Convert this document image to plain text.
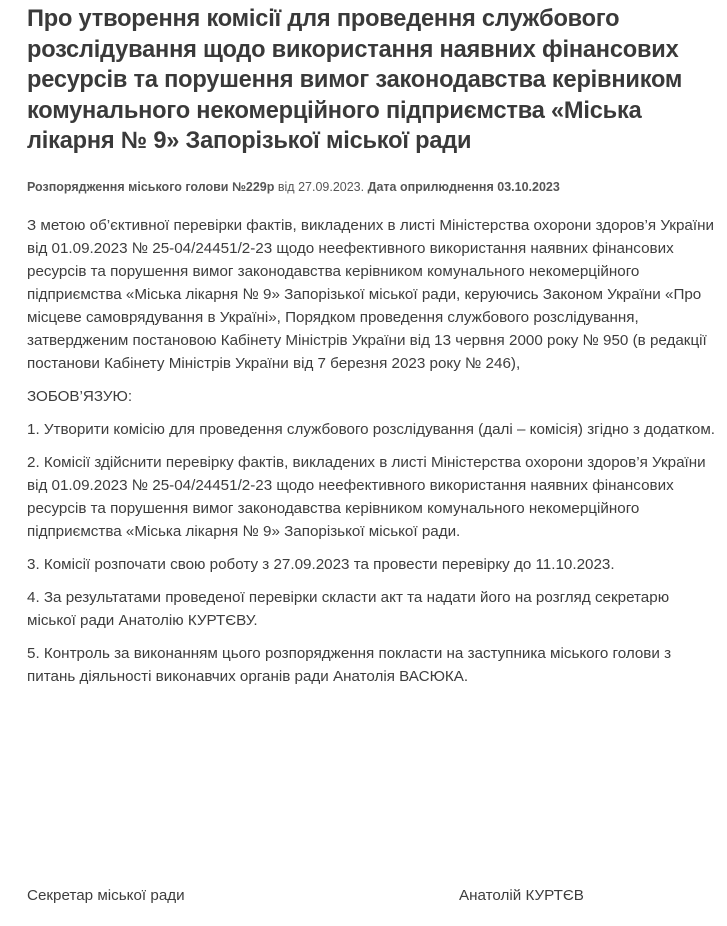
Про утворення комісії для проведення службового розслідування щодо використання наявних фінансових ресурсів та порушення вимог законодавства керівником комунального некомерційного підприємства «Міська лікарня № 9» Запорізької міської ради
Розпорядження міського голови №229р від 27.09.2023. Дата оприлюднення 03.10.2023

З метою об’єктивної перевірки фактів, викладених в листі Міністерства охорони здоров’я України від 01.09.2023 № 25-04/24451/2-23 щодо неефективного використання наявних фінансових ресурсів та порушення вимог законодавства керівником комунального некомерційного підприємства «Міська лікарня № 9» Запорізької міської ради, керуючись Законом України «Про місцеве самоврядування в Україні», Порядком проведення службового розслідування, затвердженим постановою Кабінету Міністрів України від 13 червня 2000 року № 950 (в редакції постанови Кабінету Міністрів України від 7 березня 2023 року № 246),

ЗОБОВ’ЯЗУЮ:

1. Утворити комісію для проведення службового розслідування (далі – комісія) згідно з додатком.

2. Комісії здійснити перевірку фактів, викладених в листі Міністерства охорони здоров’я України від 01.09.2023 № 25-04/24451/2-23 щодо неефективного використання наявних фінансових ресурсів та порушення вимог законодавства керівником комунального некомерційного підприємства «Міська лікарня № 9» Запорізької міської ради.

3. Комісії розпочати свою роботу з 27.09.2023 та провести перевірку до 11.10.2023.

4. За результатами проведеної перевірки скласти акт та надати його на розгляд секретарю міської ради Анатолію КУРТЄВУ.

5. Контроль за виконанням цього розпорядження покласти на заступника міського голови з питань діяльності виконавчих органів ради Анатолія ВАСЮКА.

Секретар міської ради	Анатолій КУРТЄВ
